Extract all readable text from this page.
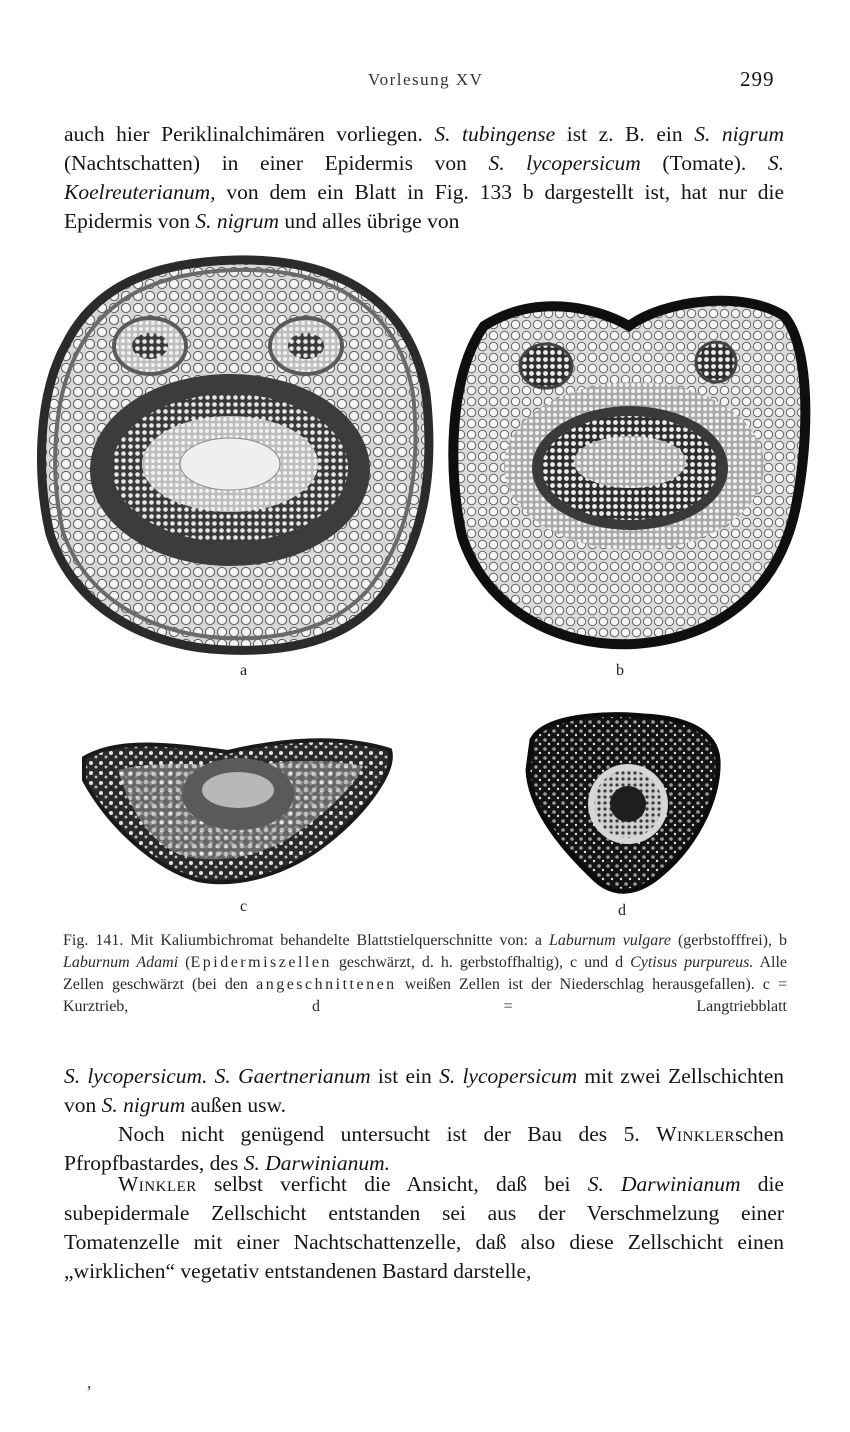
Vorlesung XV	299
auch hier Periklinalchimären vorliegen. S. tubingense ist z. B. ein S. nigrum (Nachtschatten) in einer Epidermis von S. lycopersicum (Tomate). S. Koelreuterianum, von dem ein Blatt in Fig. 133 b dargestellt ist, hat nur die Epidermis von S. nigrum und alles übrige von
a	b
c	d
Fig. 141. Mit Kaliumbichromat behandelte Blattstielquerschnitte von: a Laburnum vulgare (gerbstofffrei), b Laburnum Adami (Epidermiszellen geschwärzt, d. h. gerbstoffhaltig), c und d Cytisus purpureus. Alle Zellen geschwärzt (bei den angeschnittenen weißen Zellen ist der Niederschlag herausgefallen). c = Kurztrieb, d = Langtriebblatt
S. lycopersicum. S. Gaertnerianum ist ein S. lycopersicum mit zwei Zellschichten von S. nigrum außen usw.
Noch nicht genügend untersucht ist der Bau des 5. Winklerschen Pfropfbastardes, des S. Darwinianum.
Winkler selbst verficht die Ansicht, daß bei S. Darwinianum die subepidermale Zellschicht entstanden sei aus der Verschmelzung einer Tomatenzelle mit einer Nachtschattenzelle, daß also diese Zellschicht einen „wirklichen“ vegetativ entstandenen Bastard darstelle,
’
